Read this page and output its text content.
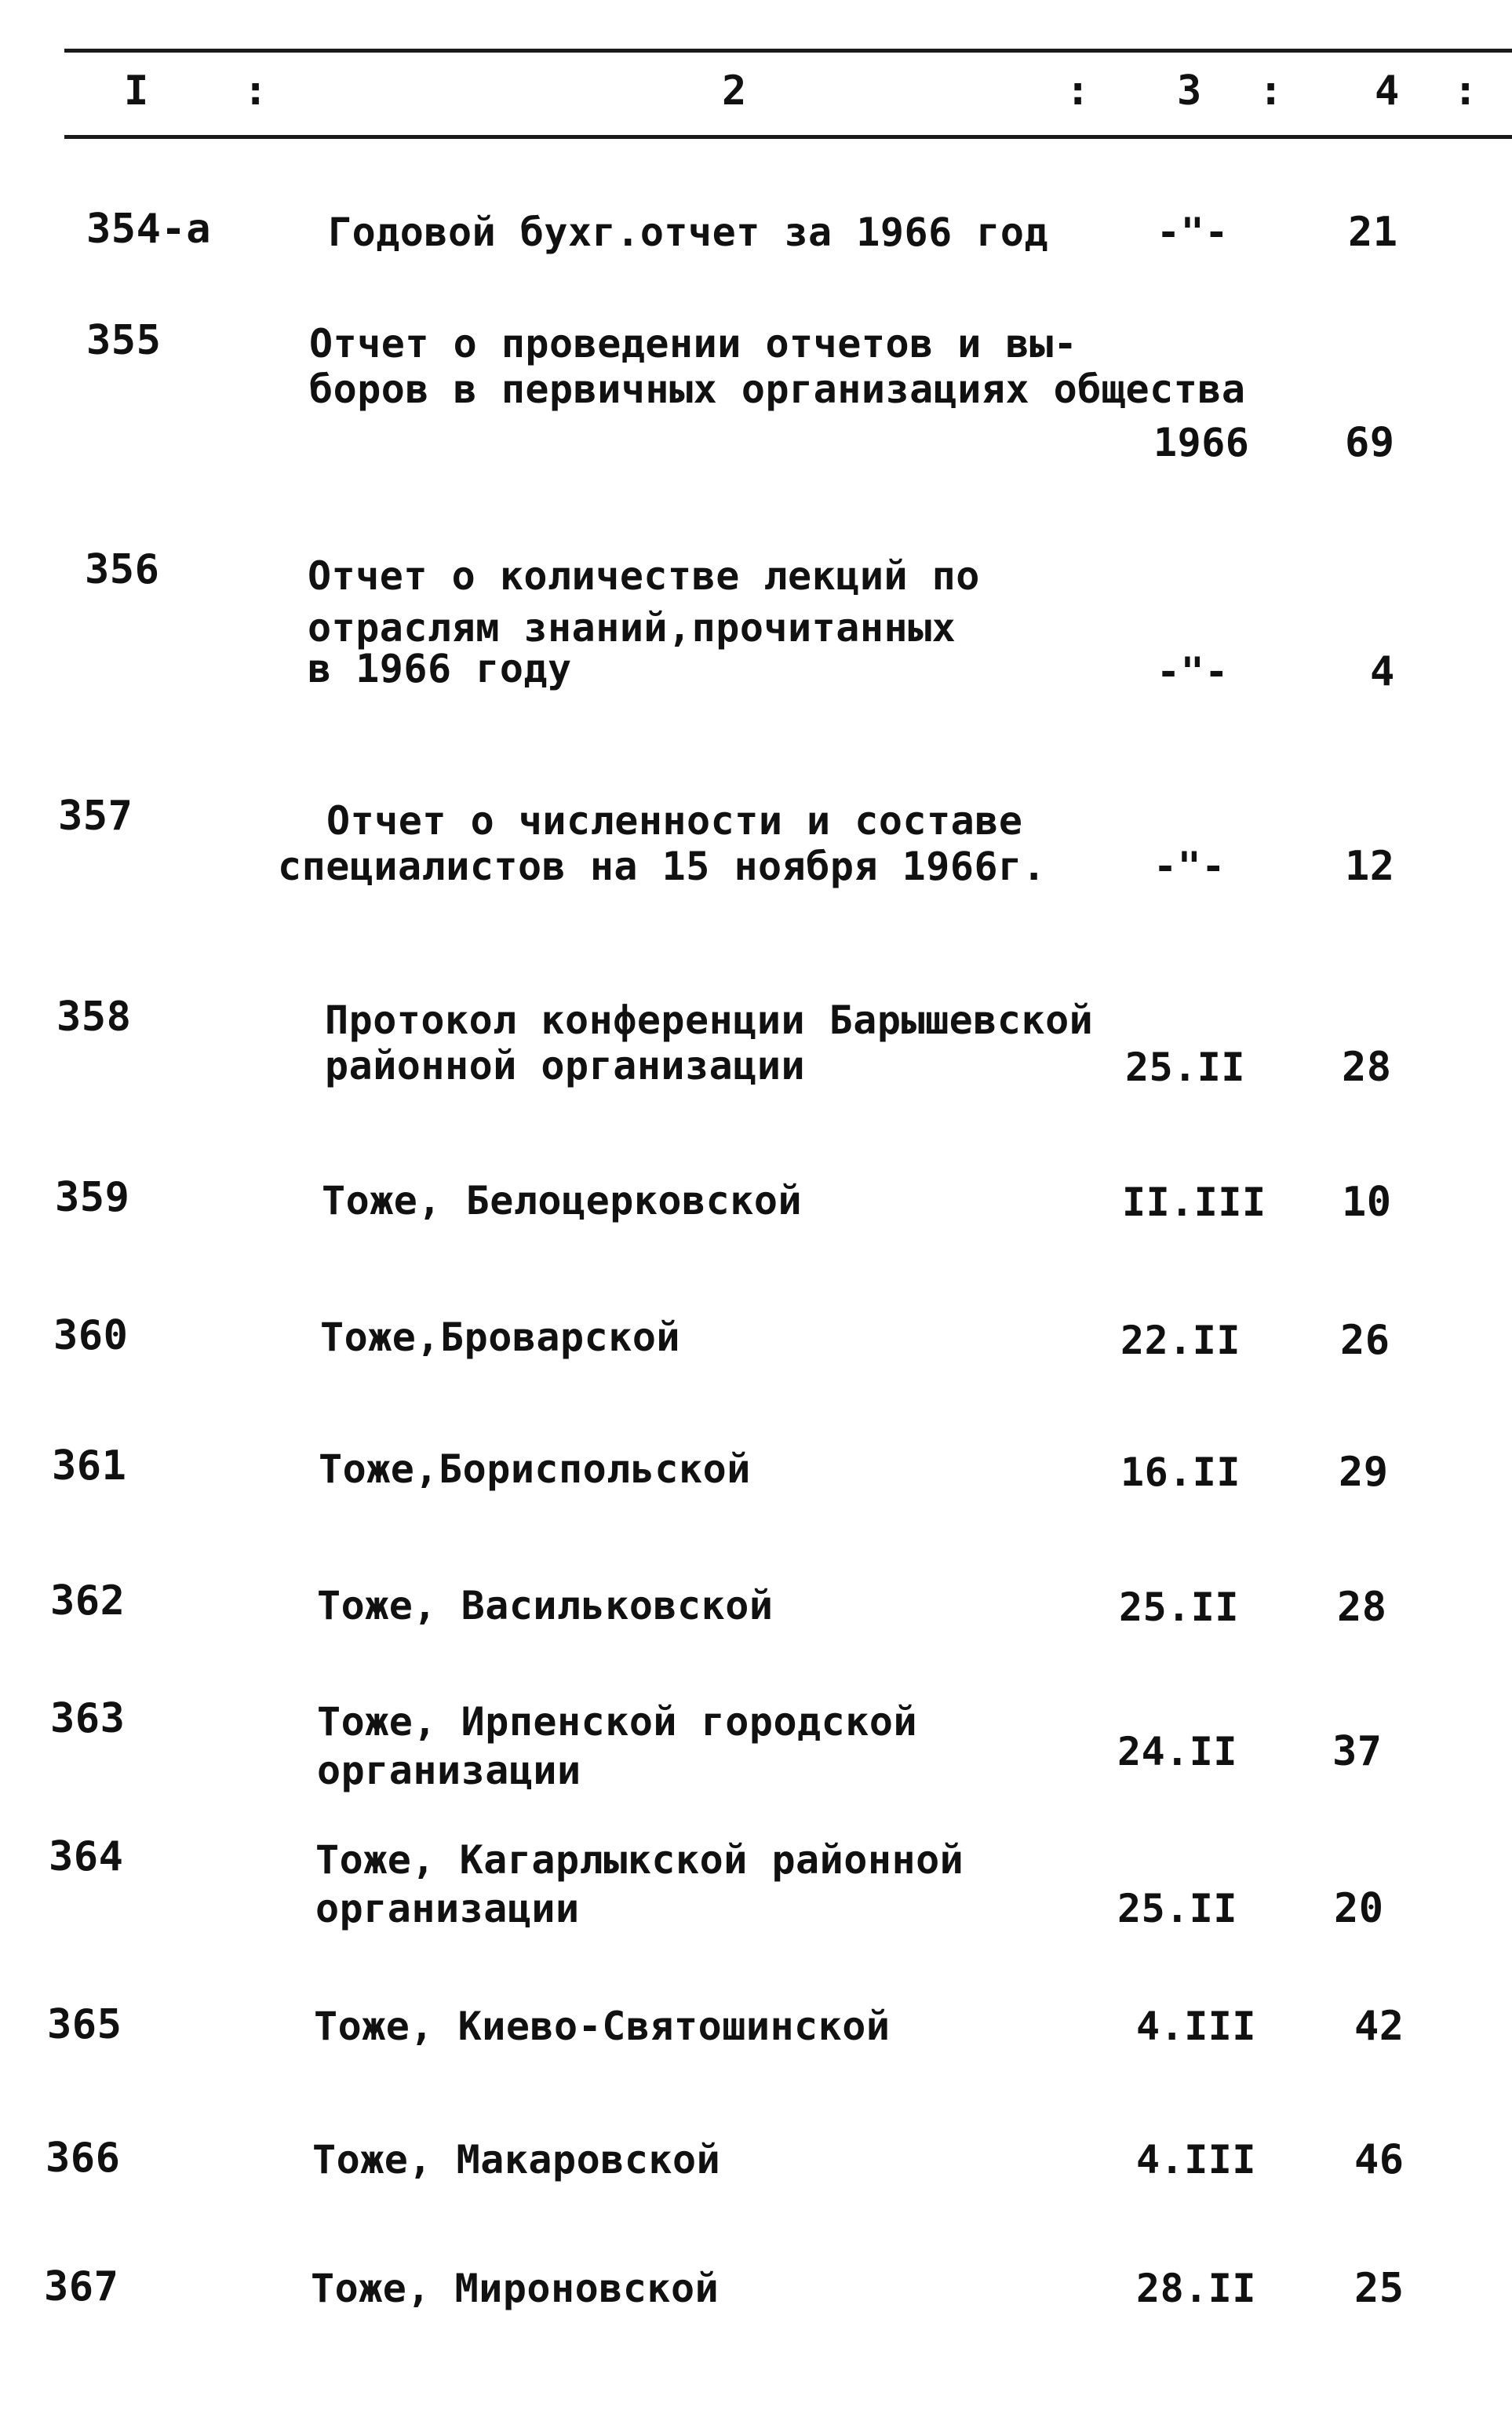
I :	2	: 3 : 4 :
354-а	Годовой бухг.отчет за 1966 год	-"-	21
355	Отчет о проведении отчетов и вы-
боров в первичных организациях общества
1966 69
356	Отчет о количестве лекций по
отраслям знаний,прочитанных
в 1966 году	-"-	4
357	Отчет о численности и составе
специалистов на 15 ноября 1966г.	-"-	12
358	Протокол конференции Барышевской
районной организации	25.II 28
359	Тоже, Белоцерковской	II.III 10
360	Тоже,Броварской	22.II 26
361	Тоже,Бориспольской	16.II 29
362	Тоже, Васильковской	25.II 28
363	Тоже, Ирпенской городской
организации	24.II 37
364	Тоже, Кагарлыкской районной
организации	25.II 20
365	Тоже, Киево-Святошинской	4.III 42
366	Тоже, Макаровской	4.III 46
367	Тоже, Мироновской	28.II 25
